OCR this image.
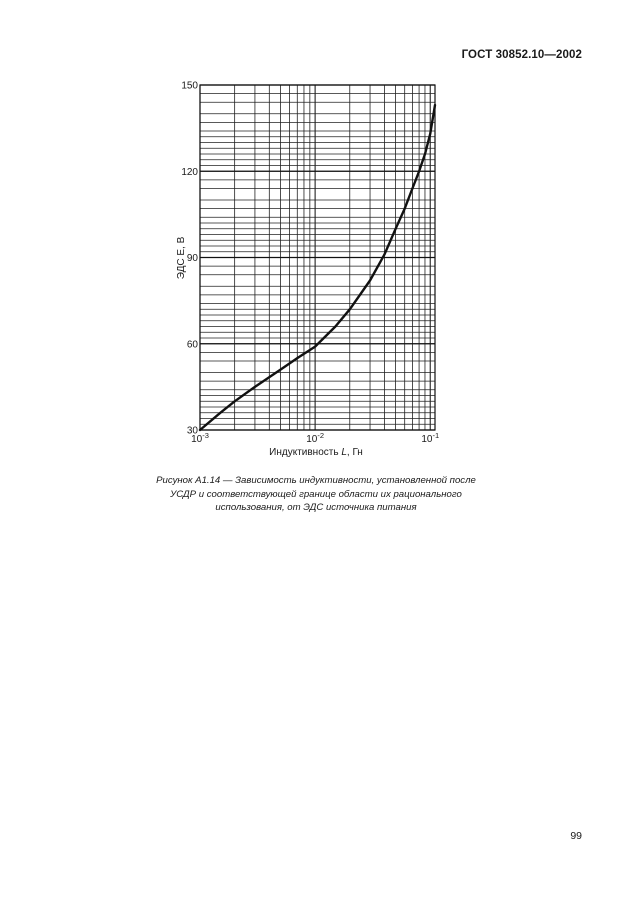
ГОСТ 30852.10—2002
30
60
90
120
150
$10^{-3}$	$10^{-2}$	$10^{-1}$
ЭДС E, В
Индуктивность L, Гн
Рисунок А1.14 — Зависимость индуктивности, установленной после
УСДР и соответствующей границе области их рационального
использования, от ЭДС источника питания
99
